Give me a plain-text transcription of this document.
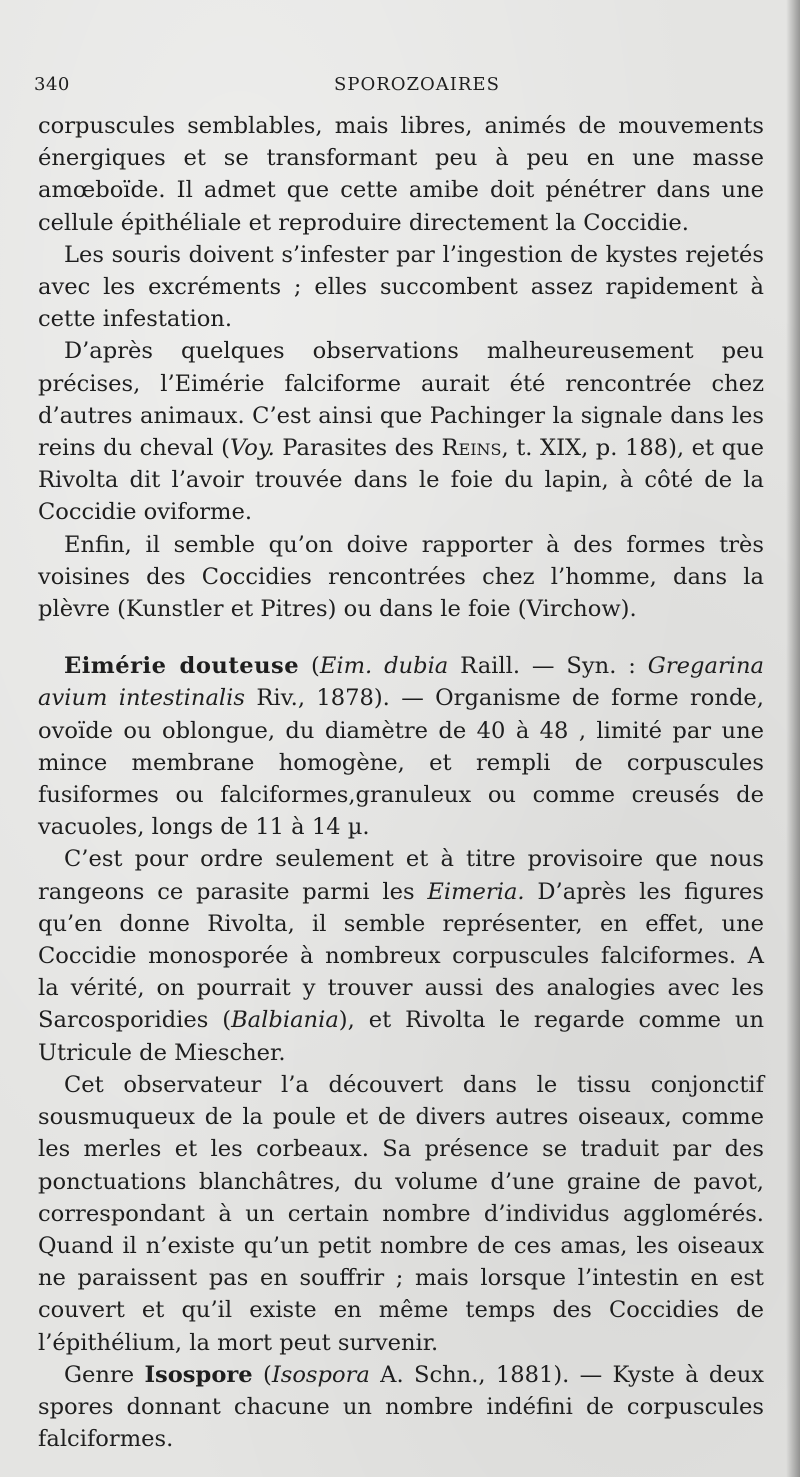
340	SPOROZOAIRES

corpuscules semblables, mais libres, animés de mouvements énergiques et se transformant peu à peu en une masse amœboïde. Il admet que cette amibe doit pénétrer dans une cellule épithéliale et reproduire directement la Coccidie.

Les souris doivent s’infester par l’ingestion de kystes rejetés avec les excréments ; elles succombent assez rapidement à cette infestation.

D’après quelques observations malheureusement peu précises, l’Eimérie falciforme aurait été rencontrée chez d’autres animaux. C’est ainsi que Pachinger la signale dans les reins du cheval (Voy. Parasites des Reins, t. XIX, p. 188), et que Rivolta dit l’avoir trouvée dans le foie du lapin, à côté de la Coccidie oviforme.

Enfin, il semble qu’on doive rapporter à des formes très voisines des Coccidies rencontrées chez l’homme, dans la plèvre (Kunstler et Pitres) ou dans le foie (Virchow).

Eimérie douteuse (Eim. dubia Raill. — Syn. : Gregarina avium intestinalis Riv., 1878). — Organisme de forme ronde, ovoïde ou oblongue, du diamètre de 40 à 48 , limité par une mince membrane homogène, et rempli de corpuscules fusiformes ou falciformes,granuleux ou comme creusés de vacuoles, longs de 11 à 14 µ.

C’est pour ordre seulement et à titre provisoire que nous rangeons ce parasite parmi les Eimeria. D’après les figures qu’en donne Rivolta, il semble représenter, en effet, une Coccidie monosporée à nombreux corpuscules falciformes. A la vérité, on pourrait y trouver aussi des analogies avec les Sarcosporidies (Balbiania), et Rivolta le regarde comme un Utricule de Miescher.

Cet observateur l’a découvert dans le tissu conjonctif sousmuqueux de la poule et de divers autres oiseaux, comme les merles et les corbeaux. Sa présence se traduit par des ponctuations blanchâtres, du volume d’une graine de pavot, correspondant à un certain nombre d’individus agglomérés. Quand il n’existe qu’un petit nombre de ces amas, les oiseaux ne paraissent pas en souffrir ; mais lorsque l’intestin en est couvert et qu’il existe en même temps des Coccidies de l’épithélium, la mort peut survenir.

Genre Isospore (Isospora A. Schn., 1881). — Kyste à deux spores donnant chacune un nombre indéfini de corpuscules falciformes.
